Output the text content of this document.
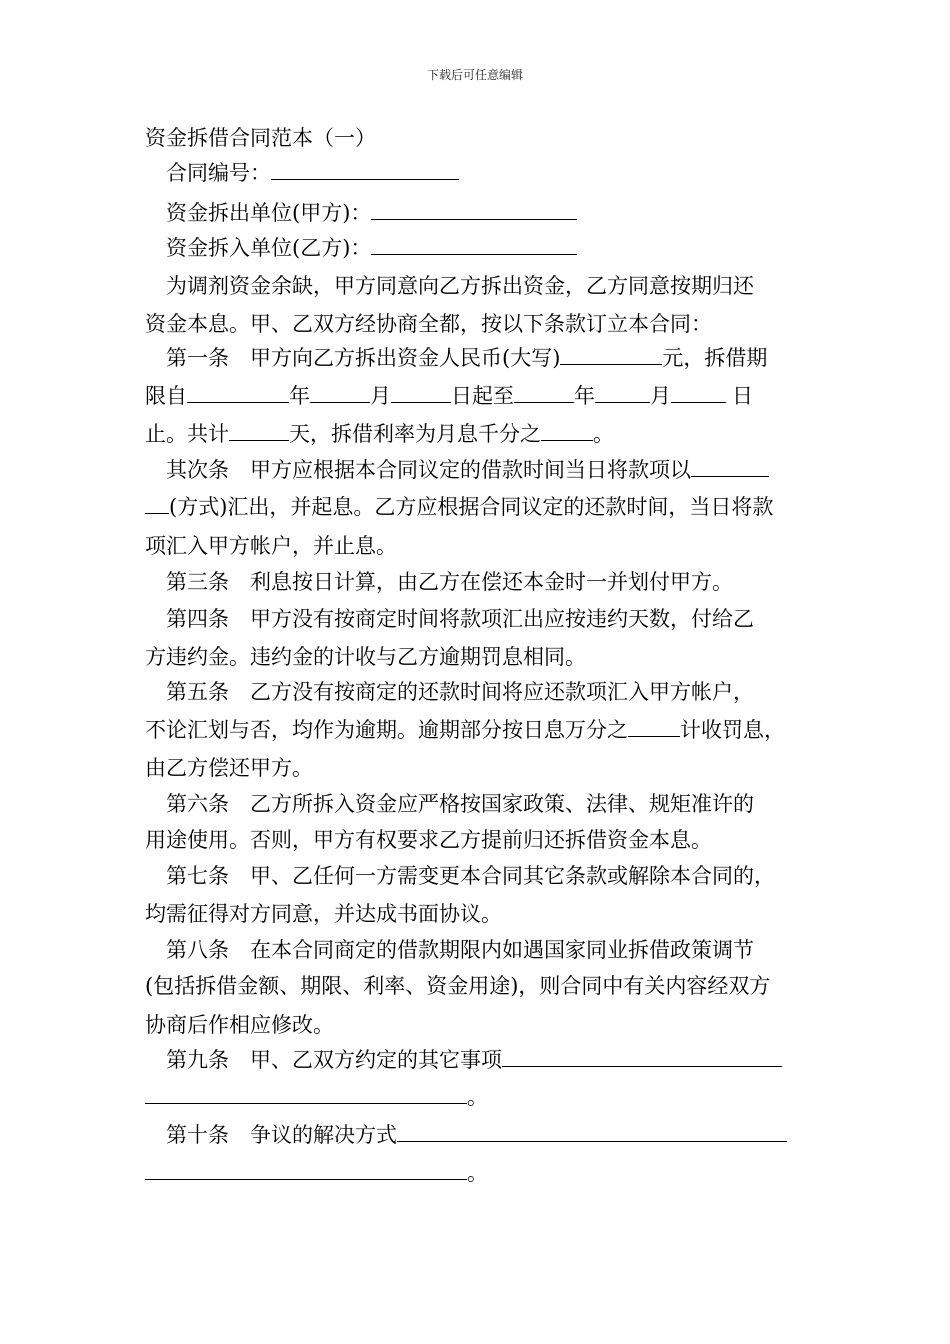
下载后可任意编辑
资金拆借合同范本（一）
合同编号：
资金拆出单位(甲方)：
资金拆入单位(乙方)：
为调剂资金余缺，甲方同意向乙方拆出资金，乙方同意按期归还
资金本息。甲、乙双方经协商全都，按以下条款订立本合同：
第一条　甲方向乙方拆出资金人民币(大写)	元，拆借期
限自	年	月	日起至	年	月	日
止。共计	天，拆借利率为月息千分之 。
其次条　甲方应根据本合同议定的借款时间当日将款项以
(方式)汇出，并起息。乙方应根据合同议定的还款时间，当日将款
项汇入甲方帐户，并止息。
第三条　利息按日计算，由乙方在偿还本金时一并划付甲方。
第四条　甲方没有按商定时间将款项汇出应按违约天数，付给乙
方违约金。违约金的计收与乙方逾期罚息相同。
第五条　乙方没有按商定的还款时间将应还款项汇入甲方帐户，
不论汇划与否，均作为逾期。逾期部分按日息万分之 计收罚息，
由乙方偿还甲方。
第六条　乙方所拆入资金应严格按国家政策、法律、规矩准许的
用途使用。否则，甲方有权要求乙方提前归还拆借资金本息。
第七条　甲、乙任何一方需变更本合同其它条款或解除本合同的，
均需征得对方同意，并达成书面协议。
第八条　在本合同商定的借款期限内如遇国家同业拆借政策调节
(包括拆借金额、期限、利率、资金用途)，则合同中有关内容经双方
协商后作相应修改。
第九条　甲、乙双方约定的其它事项
。
第十条　争议的解决方式
。
